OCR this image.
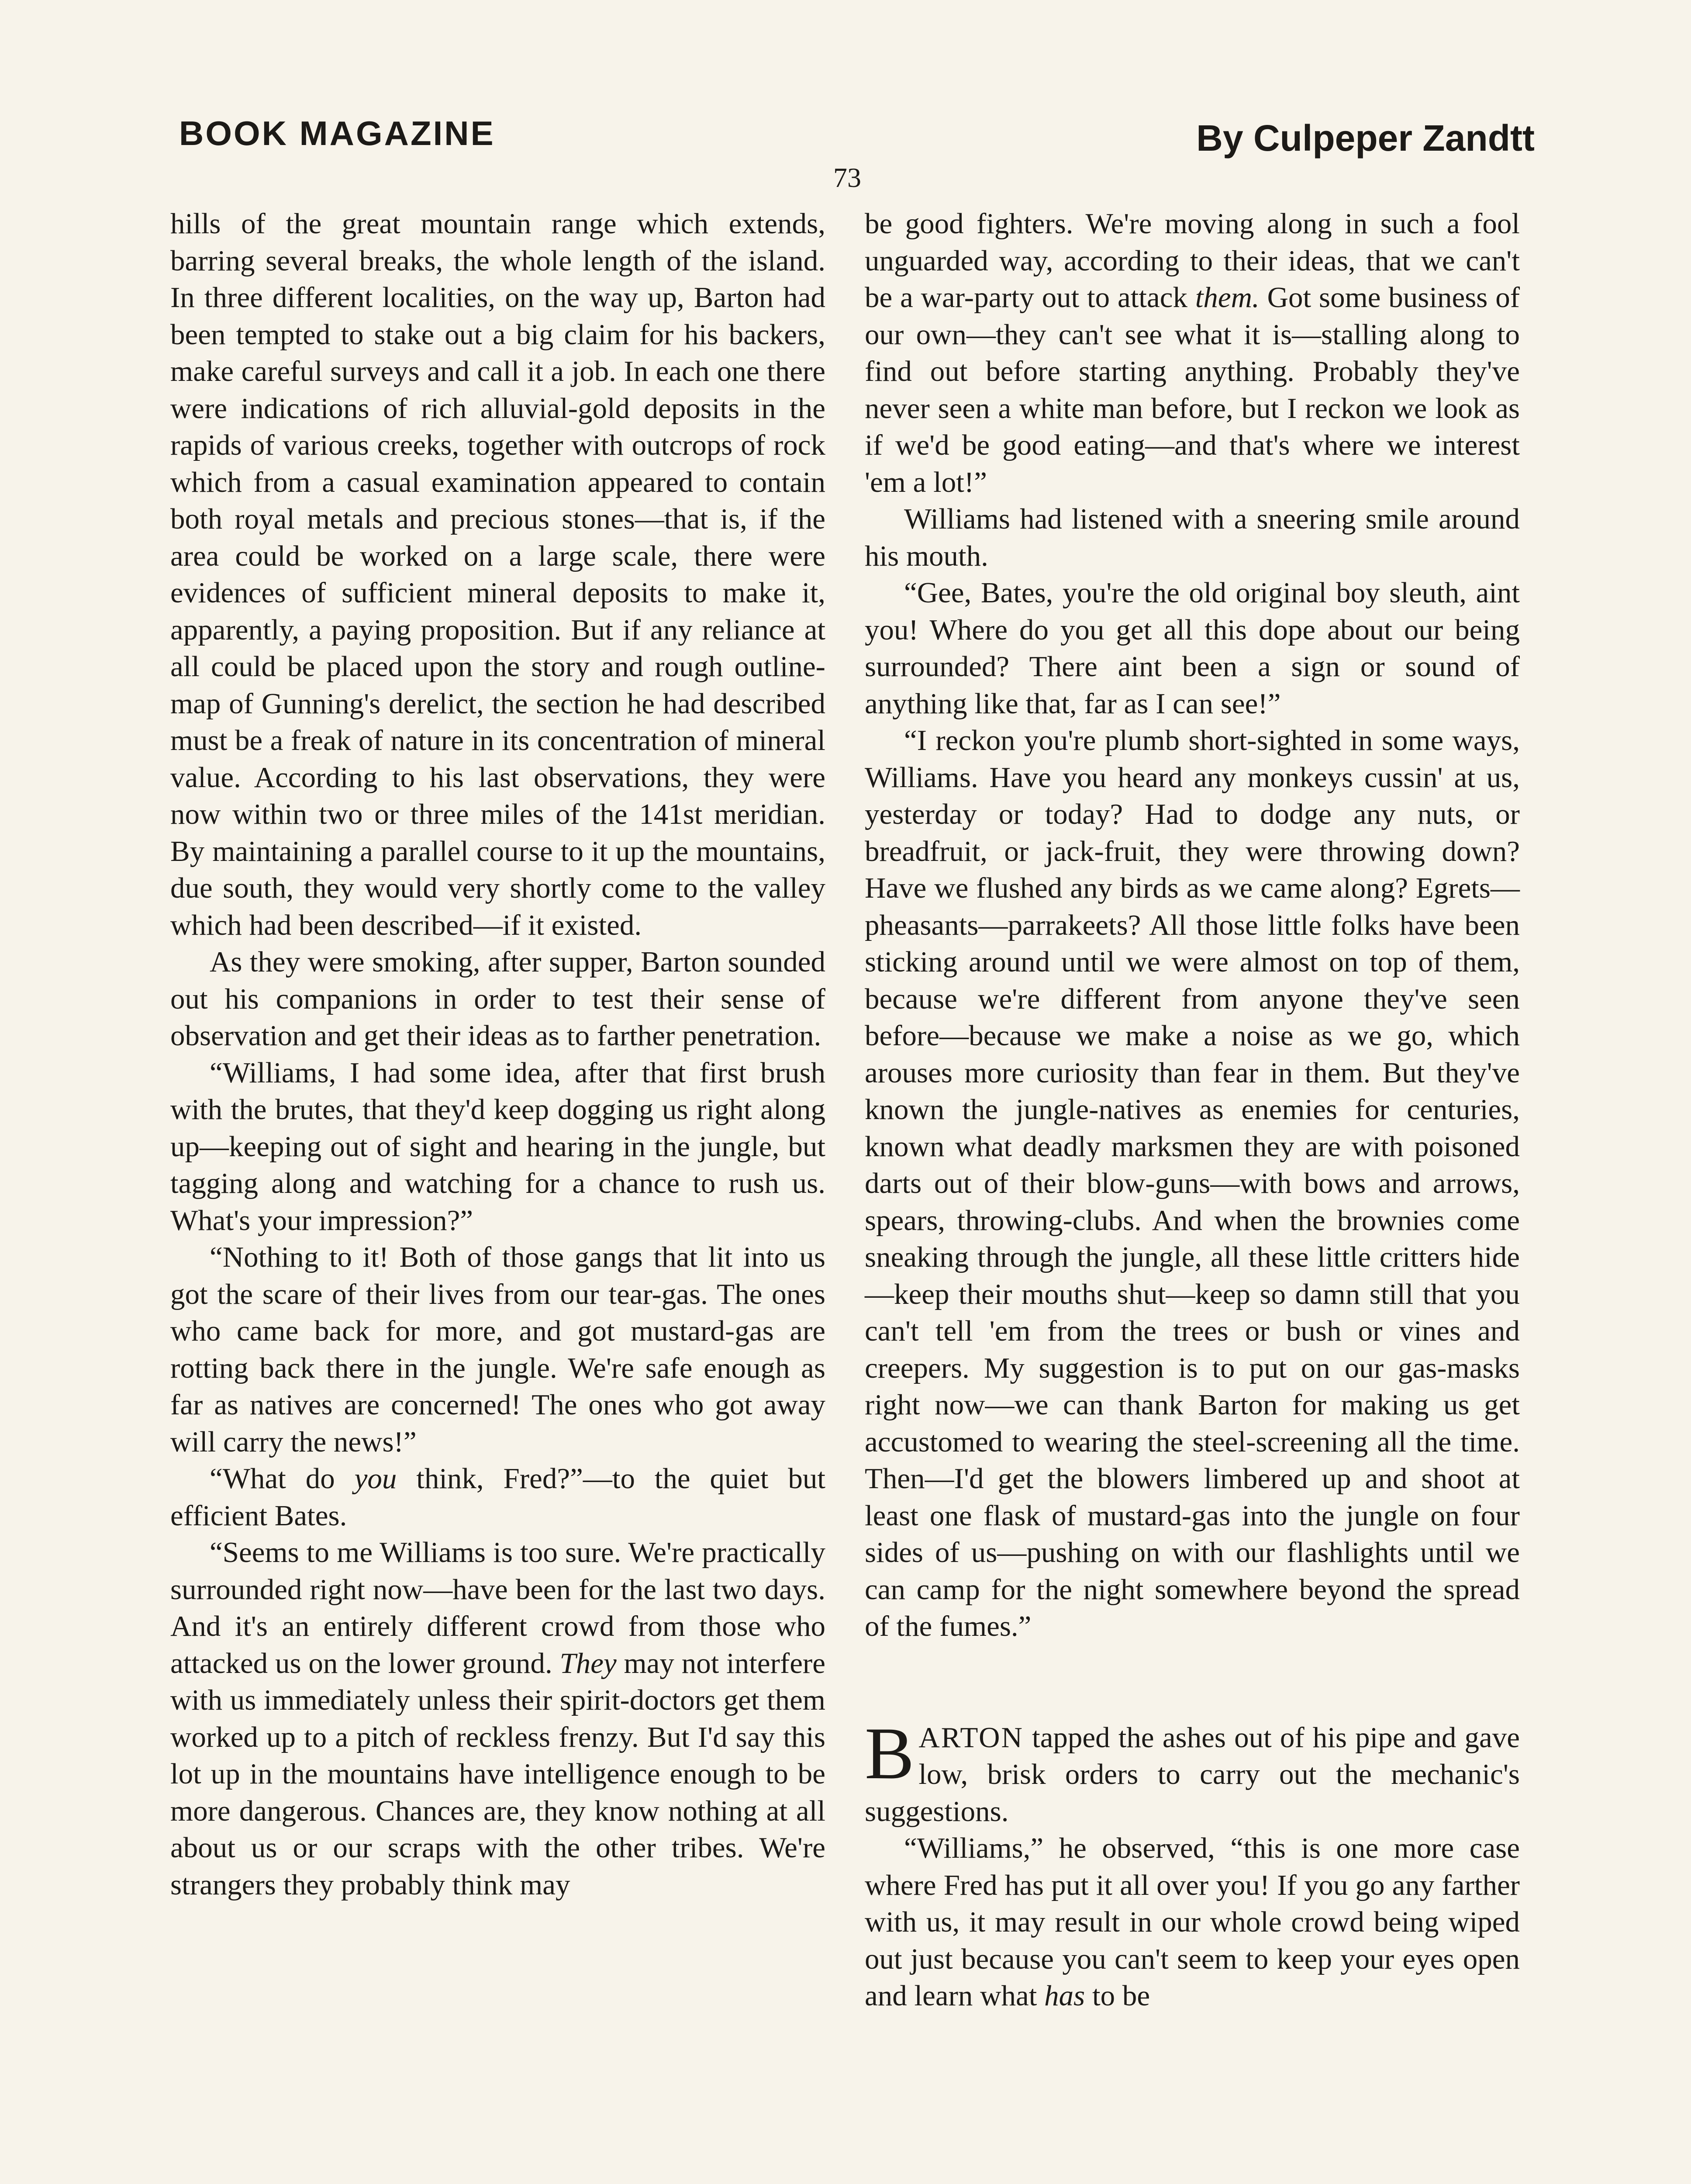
BOOK MAGAZINE	By Culpeper Zandtt
73

hills of the great mountain range which extends, barring several breaks, the whole length of the island. In three different localities, on the way up, Barton had been tempted to stake out a big claim for his backers, make careful surveys and call it a job. In each one there were indications of rich alluvial-gold deposits in the rapids of various creeks, together with outcrops of rock which from a casual examination appeared to contain both royal metals and precious stones—that is, if the area could be worked on a large scale, there were evidences of sufficient mineral deposits to make it, apparently, a paying proposition. But if any reliance at all could be placed upon the story and rough outline-map of Gunning's derelict, the section he had described must be a freak of nature in its concentration of mineral value. According to his last observations, they were now within two or three miles of the 141st meridian. By maintaining a parallel course to it up the mountains, due south, they would very shortly come to the valley which had been described—if it existed.

As they were smoking, after supper, Barton sounded out his companions in order to test their sense of observation and get their ideas as to farther penetration.

“Williams, I had some idea, after that first brush with the brutes, that they'd keep dogging us right along up—keeping out of sight and hearing in the jungle, but tagging along and watching for a chance to rush us. What's your impression?”

“Nothing to it! Both of those gangs that lit into us got the scare of their lives from our tear-gas. The ones who came back for more, and got mustard-gas are rotting back there in the jungle. We're safe enough as far as natives are concerned! The ones who got away will carry the news!”

“What do you think, Fred?”—to the quiet but efficient Bates.

“Seems to me Williams is too sure. We're practically surrounded right now—have been for the last two days. And it's an entirely different crowd from those who attacked us on the lower ground. They may not interfere with us immediately unless their spirit-doctors get them worked up to a pitch of reckless frenzy. But I'd say this lot up in the mountains have intelligence enough to be more dangerous. Chances are, they know nothing at all about us or our scraps with the other tribes. We're strangers they probably think may

be good fighters. We're moving along in such a fool unguarded way, according to their ideas, that we can't be a war-party out to attack them. Got some business of our own—they can't see what it is—stalling along to find out before starting anything. Probably they've never seen a white man before, but I reckon we look as if we'd be good eating—and that's where we interest 'em a lot!”

Williams had listened with a sneering smile around his mouth.

“Gee, Bates, you're the old original boy sleuth, aint you! Where do you get all this dope about our being surrounded? There aint been a sign or sound of anything like that, far as I can see!”

“I reckon you're plumb short-sighted in some ways, Williams. Have you heard any monkeys cussin' at us, yesterday or today? Had to dodge any nuts, or breadfruit, or jack-fruit, they were throwing down? Have we flushed any birds as we came along? Egrets—pheasants—parrakeets? All those little folks have been sticking around until we were almost on top of them, because we're different from anyone they've seen before—because we make a noise as we go, which arouses more curiosity than fear in them. But they've known the jungle-natives as enemies for centuries, known what deadly marksmen they are with poisoned darts out of their blow-guns—with bows and arrows, spears, throwing-clubs. And when the brownies come sneaking through the jungle, all these little critters hide—keep their mouths shut—keep so damn still that you can't tell 'em from the trees or bush or vines and creepers. My suggestion is to put on our gas-masks right now—we can thank Barton for making us get accustomed to wearing the steel-screening all the time. Then—I'd get the blowers limbered up and shoot at least one flask of mustard-gas into the jungle on four sides of us—pushing on with our flashlights until we can camp for the night somewhere beyond the spread of the fumes.”

BARTON tapped the ashes out of his pipe and gave low, brisk orders to carry out the mechanic's suggestions.

“Williams,” he observed, “this is one more case where Fred has put it all over you! If you go any farther with us, it may result in our whole crowd being wiped out just because you can't seem to keep your eyes open and learn what has to be
